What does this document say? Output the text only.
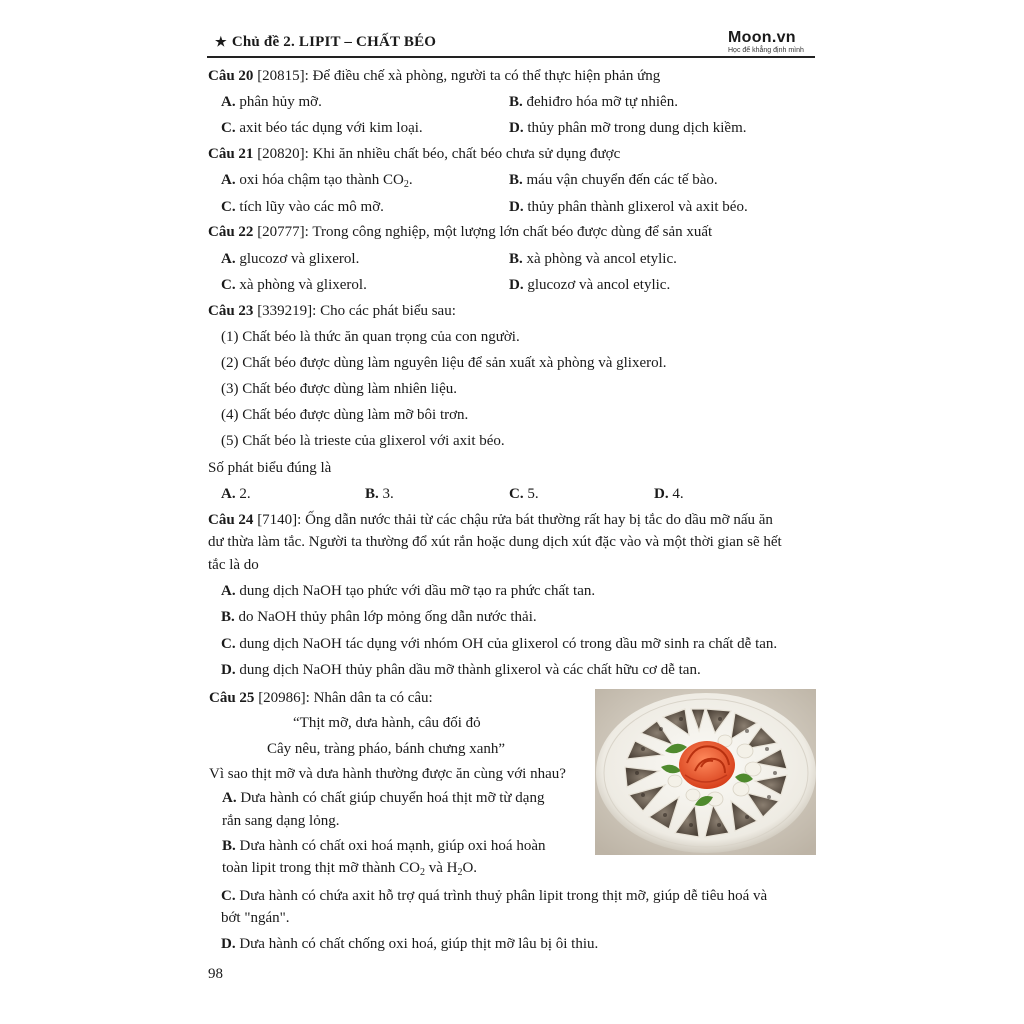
★ Chủ đề 2. LIPIT – CHẤT BÉO	Moon.vn
Học để khẳng định mình
Câu 20 [20815]: Để điều chế xà phòng, người ta có thể thực hiện phản ứng
A. phân hủy mỡ.	B. đehiđro hóa mỡ tự nhiên.
C. axit béo tác dụng với kim loại.	D. thủy phân mỡ trong dung dịch kiềm.
Câu 21 [20820]: Khi ăn nhiều chất béo, chất béo chưa sử dụng được
A. oxi hóa chậm tạo thành $CO_2$.	B. máu vận chuyển đến các tế bào.
C. tích lũy vào các mô mỡ.	D. thủy phân thành glixerol và axit béo.
Câu 22 [20777]: Trong công nghiệp, một lượng lớn chất béo được dùng để sản xuất
A. glucozơ và glixerol.	B. xà phòng và ancol etylic.
C. xà phòng và glixerol.	D. glucozơ và ancol etylic.
Câu 23 [339219]: Cho các phát biểu sau:
(1) Chất béo là thức ăn quan trọng của con người.
(2) Chất béo được dùng làm nguyên liệu để sản xuất xà phòng và glixerol.
(3) Chất béo được dùng làm nhiên liệu.
(4) Chất béo được dùng làm mỡ bôi trơn.
(5) Chất béo là trieste của glixerol với axit béo.
Số phát biểu đúng là
A. 2.	B. 3.	C. 5.	D. 4.
Câu 24 [7140]: Ống dẫn nước thải từ các chậu rửa bát thường rất hay bị tắc do dầu mỡ nấu ăn
dư thừa làm tắc. Người ta thường đổ xút rắn hoặc dung dịch xút đặc vào và một thời gian sẽ hết
tắc là do
A. dung dịch NaOH tạo phức với dầu mỡ tạo ra phức chất tan.
B. do NaOH thủy phân lớp mỏng ống dẫn nước thải.
C. dung dịch NaOH tác dụng với nhóm OH của glixerol có trong dầu mỡ sinh ra chất dễ tan.
D. dung dịch NaOH thủy phân dầu mỡ thành glixerol và các chất hữu cơ dễ tan.
Câu 25 [20986]: Nhân dân ta có câu:
“Thịt mỡ, dưa hành, câu đối đỏ
Cây nêu, tràng pháo, bánh chưng xanh”
Vì sao thịt mỡ và dưa hành thường được ăn cùng với nhau?
A. Dưa hành có chất giúp chuyển hoá thịt mỡ từ dạng
rắn sang dạng lỏng.
B. Dưa hành có chất oxi hoá mạnh, giúp oxi hoá hoàn
toàn lipit trong thịt mỡ thành $CO_2$ và $H_2O$.
C. Dưa hành có chứa axit hỗ trợ quá trình thuỷ phân lipit trong thịt mỡ, giúp dễ tiêu hoá và
bớt "ngán".
D. Dưa hành có chất chống oxi hoá, giúp thịt mỡ lâu bị ôi thiu.
98
